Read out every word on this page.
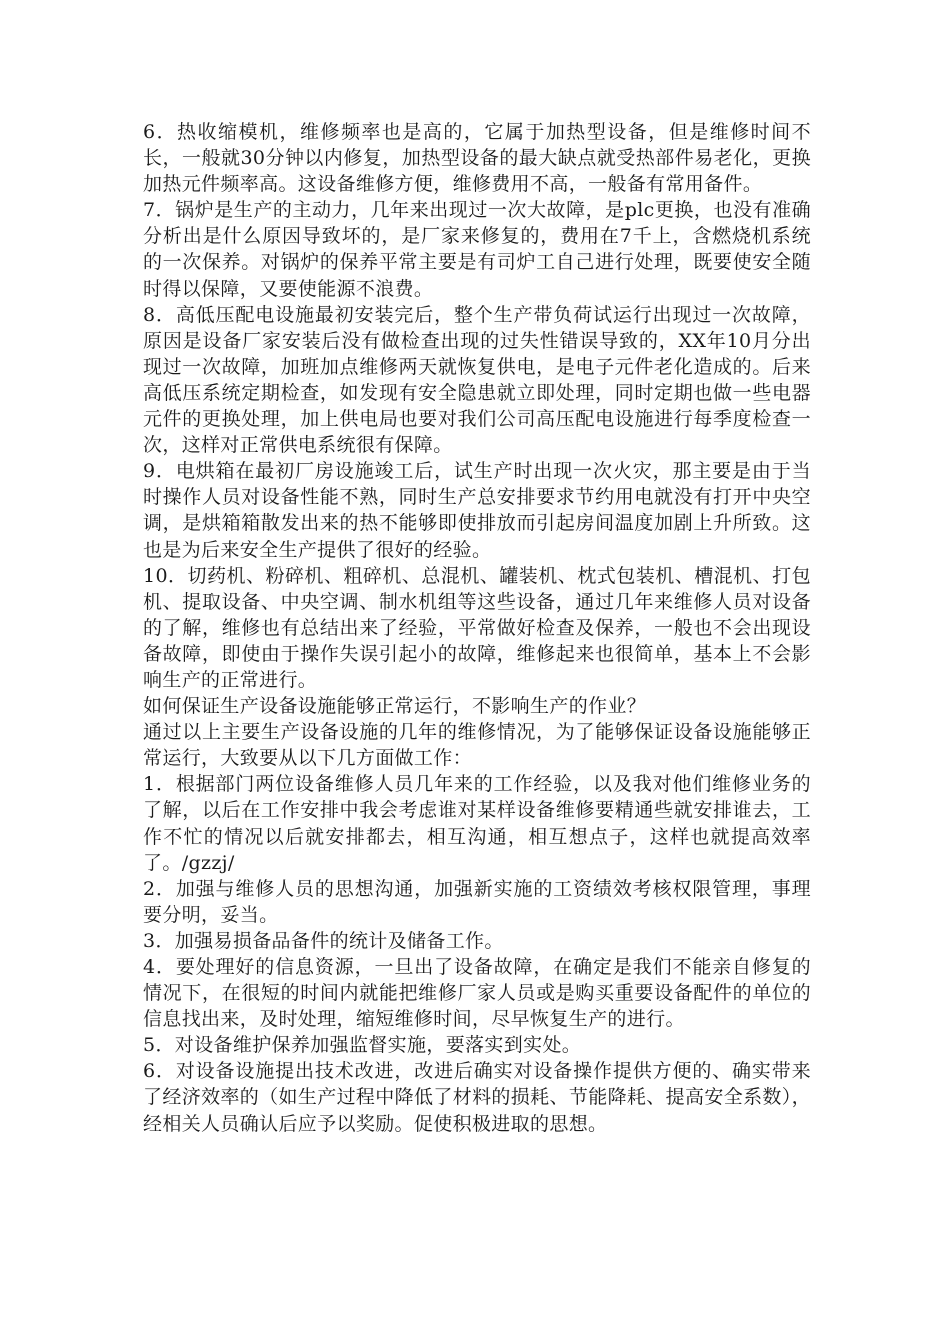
6．热收缩模机，维修频率也是高的，它属于加热型设备，但是维修时间不长，一般就30分钟以内修复，加热型设备的最大缺点就受热部件易老化，更换加热元件频率高。这设备维修方便，维修费用不高，一般备有常用备件。

7．锅炉是生产的主动力，几年来出现过一次大故障，是plc更换，也没有准确分析出是什么原因导致坏的，是厂家来修复的，费用在7千上，含燃烧机系统的一次保养。对锅炉的保养平常主要是有司炉工自己进行处理，既要使安全随时得以保障，又要使能源不浪费。

8．高低压配电设施最初安装完后，整个生产带负荷试运行出现过一次故障，原因是设备厂家安装后没有做检查出现的过失性错误导致的，XX年10月分出现过一次故障，加班加点维修两天就恢复供电，是电子元件老化造成的。后来高低压系统定期检查，如发现有安全隐患就立即处理，同时定期也做一些电器元件的更换处理，加上供电局也要对我们公司高压配电设施进行每季度检查一次，这样对正常供电系统很有保障。

9．电烘箱在最初厂房设施竣工后，试生产时出现一次火灾，那主要是由于当时操作人员对设备性能不熟，同时生产总安排要求节约用电就没有打开中央空调，是烘箱箱散发出来的热不能够即使排放而引起房间温度加剧上升所致。这也是为后来安全生产提供了很好的经验。

10．切药机、粉碎机、粗碎机、总混机、罐装机、枕式包装机、槽混机、打包机、提取设备、中央空调、制水机组等这些设备，通过几年来维修人员对设备的了解，维修也有总结出来了经验，平常做好检查及保养，一般也不会出现设备故障，即使由于操作失误引起小的故障，维修起来也很简单，基本上不会影响生产的正常进行。

如何保证生产设备设施能够正常运行，不影响生产的作业？

通过以上主要生产设备设施的几年的维修情况，为了能够保证设备设施能够正常运行，大致要从以下几方面做工作：

1．根据部门两位设备维修人员几年来的工作经验，以及我对他们维修业务的了解，以后在工作安排中我会考虑谁对某样设备维修要精通些就安排谁去，工作不忙的情况以后就安排都去，相互沟通，相互想点子，这样也就提高效率了。/gzzj/

2．加强与维修人员的思想沟通，加强新实施的工资绩效考核权限管理，事理要分明，妥当。

3．加强易损备品备件的统计及储备工作。

4．要处理好的信息资源，一旦出了设备故障，在确定是我们不能亲自修复的情况下，在很短的时间内就能把维修厂家人员或是购买重要设备配件的单位的信息找出来，及时处理，缩短维修时间，尽早恢复生产的进行。

5．对设备维护保养加强监督实施，要落实到实处。

6．对设备设施提出技术改进，改进后确实对设备操作提供方便的、确实带来了经济效率的（如生产过程中降低了材料的损耗、节能降耗、提高安全系数），经相关人员确认后应予以奖励。促使积极进取的思想。
